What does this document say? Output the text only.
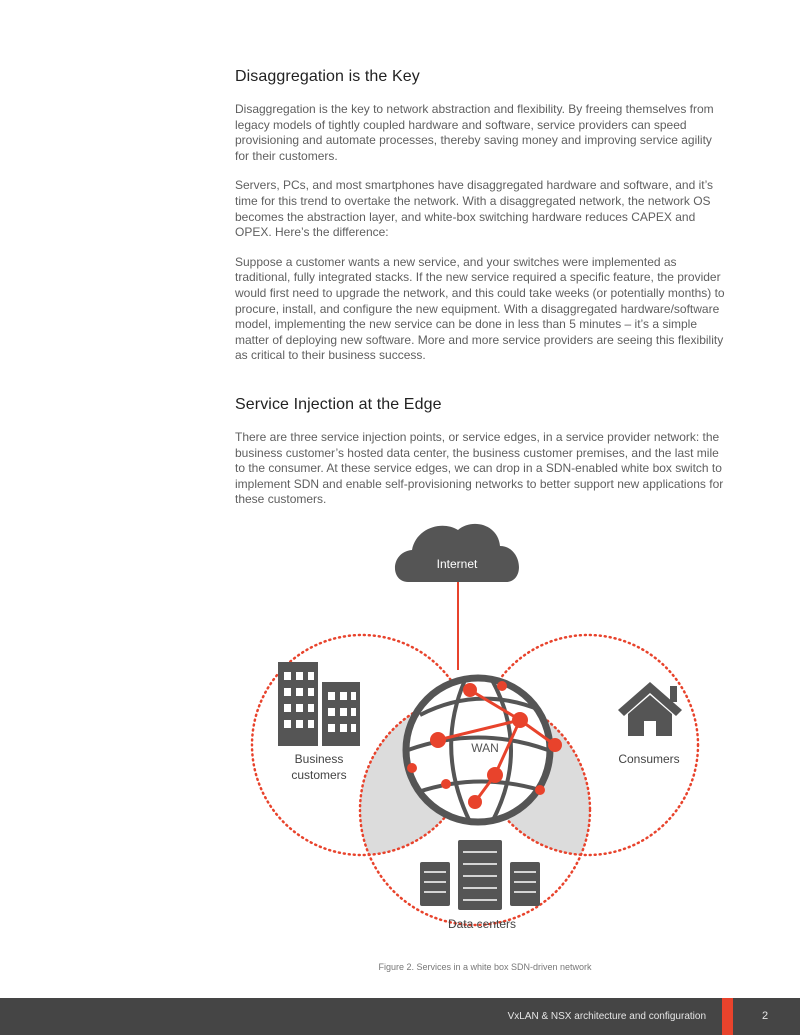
Disaggregation is the Key

Disaggregation is the key to network abstraction and flexibility. By freeing themselves from legacy models of tightly coupled hardware and software, service providers can speed provisioning and automate processes, thereby saving money and improving service agility for their customers.

Servers, PCs, and most smartphones have disaggregated hardware and software, and it’s time for this trend to overtake the network. With a disaggregated network, the network OS becomes the abstraction layer, and white-box switching hardware reduces CAPEX and OPEX. Here’s the difference:

Suppose a customer wants a new service, and your switches were implemented as traditional, fully integrated stacks. If the new service required a specific feature, the provider would first need to upgrade the network, and this could take weeks (or potentially months) to procure, install, and configure the new equipment. With a disaggregated hardware/software model, implementing the new service can be done in less than 5 minutes – it’s a simple matter of deploying new software. More and more service providers are seeing this flexibility as critical to their business success.

Service Injection at the Edge

There are three service injection points, or service edges, in a service provider network: the business customer’s hosted data center, the business customer premises, and the last mile to the consumer. At these service edges, we can drop in a SDN-enabled white box switch to implement SDN and enable self-provisioning networks to better support new applications for these customers.

Internet
WAN
Business
customers
Consumers
Data centers
Figure 2. Services in a white box SDN-driven network
VxLAN & NSX architecture and configuration	2
